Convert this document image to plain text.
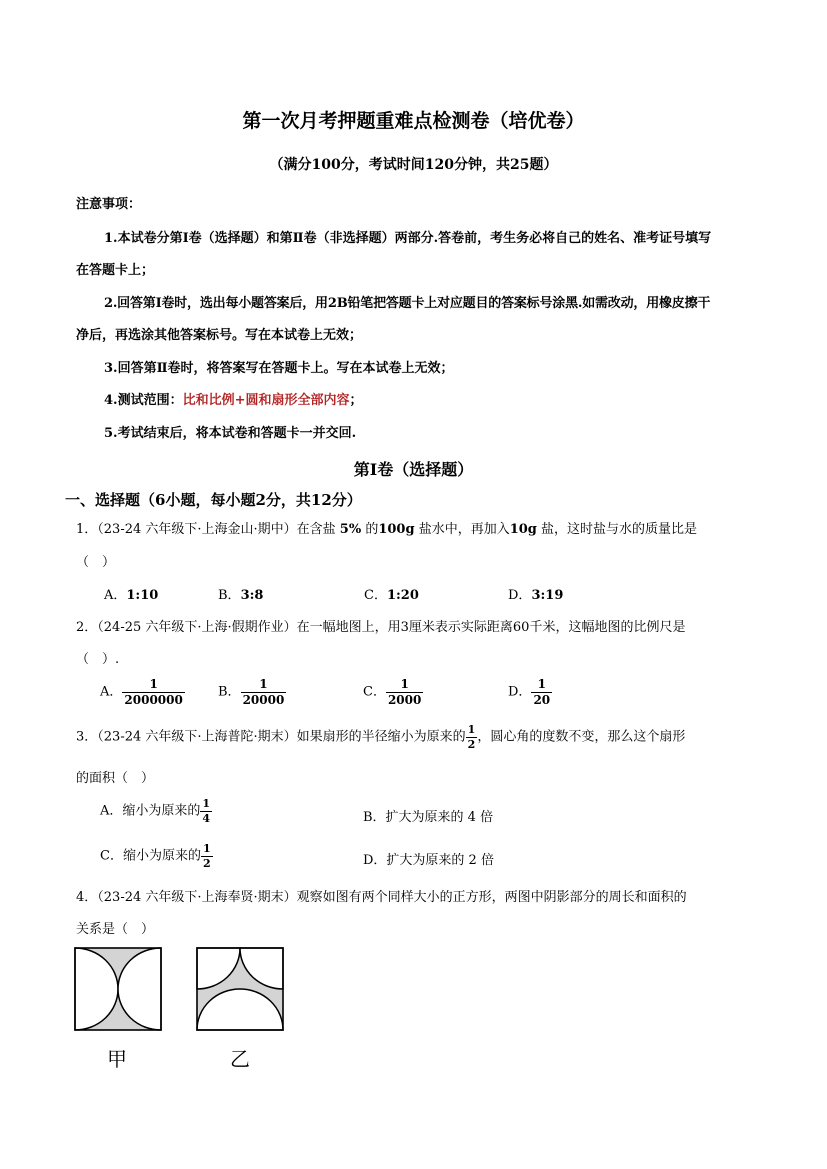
第一次月考押题重难点检测卷（培优卷）
（满分100分，考试时间120分钟，共25题）
注意事项：
1.本试卷分第Ⅰ卷（选择题）和第Ⅱ卷（非选择题）两部分.答卷前，考生务必将自己的姓名、准考证号填写
在答题卡上；
2.回答第Ⅰ卷时，选出每小题答案后，用2B铅笔把答题卡上对应题目的答案标号涂黑.如需改动，用橡皮擦干
净后，再选涂其他答案标号。写在本试卷上无效；
3.回答第Ⅱ卷时，将答案写在答题卡上。写在本试卷上无效；
4.测试范围：比和比例+圆和扇形全部内容；
5.考试结束后，将本试卷和答题卡一并交回.
第Ⅰ卷（选择题）
一、选择题（6小题，每小题2分，共12分）
1．（23-24 六年级下·上海金山·期中）在含盐 5% 的100g 盐水中，再加入10g 盐，这时盐与水的质量比是
（　）
A．1:10	B．3:8	C．1:20	D．3:19
2．（24-25 六年级下·上海·假期作业）在一幅地图上，用3厘米表示实际距离60千米，这幅地图的比例尺是
（　）.
A． $\frac{1}{2000000}$	B． $\frac{1}{20000}$	C． $\frac{1}{2000}$	D． $\frac{1}{20}$
3．（23-24 六年级下·上海普陀·期末）如果扇形的半径缩小为原来的 $\frac{1}{2}$ ，圆心角的度数不变，那么这个扇形
的面积（　）
A．缩小为原来的 $\frac{1}{4}$	B．扩大为原来的 4 倍
C．缩小为原来的 $\frac{1}{2}$	D．扩大为原来的 2 倍
4．（23-24 六年级下·上海奉贤·期末）观察如图有两个同样大小的正方形，两图中阴影部分的周长和面积的
关系是（　）
甲	乙
